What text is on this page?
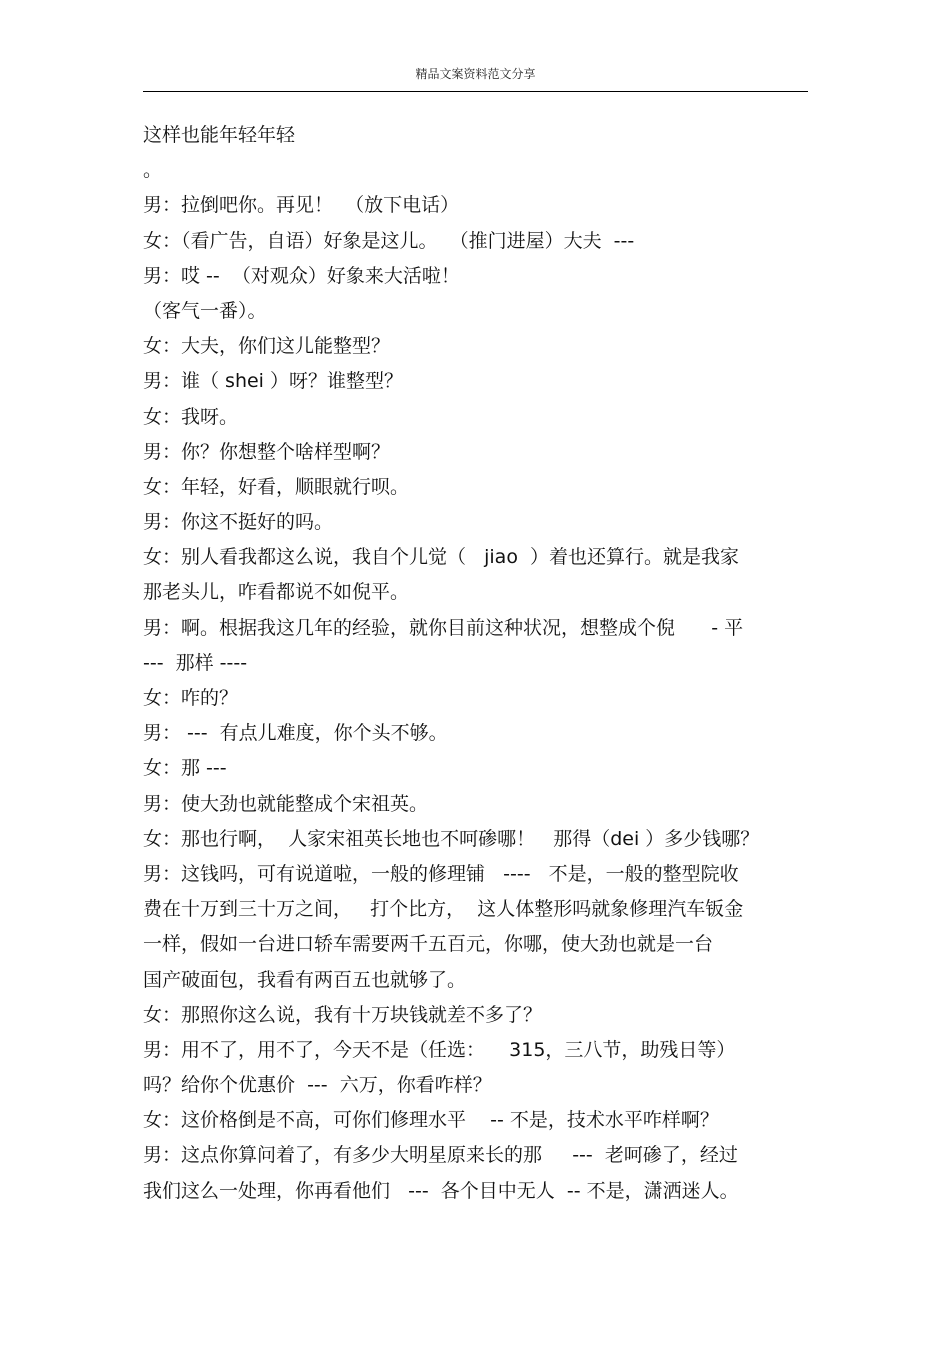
精品文案资料范文分享
这样也能年轻年轻
。
男：拉倒吧你。再见！  （放下电话）
女：（看广告，自语）好象是这儿。  （推门进屋）大夫  ---
男：哎 --  （对观众）好象来大活啦！
（客气一番）。
女：大夫，你们这儿能整型？
男：谁（ shei ）呀？谁整型？
女：我呀。
男：你？你想整个啥样型啊？
女：年轻，好看，顺眼就行呗。
男：你这不挺好的吗。
女：别人看我都这么说，我自个儿觉（   jiao  ）着也还算行。就是我家
那老头儿，咋看都说不如倪平。
男：啊。根据我这几年的经验，就你目前这种状况，想整成个倪      - 平
---  那样 ----
女：咋的？
男： ---  有点儿难度，你个头不够。
女：那 ---
男：使大劲也就能整成个宋祖英。
女：那也行啊，  人家宋祖英长地也不呵碜哪！   那得（dei ）多少钱哪？
男：这钱吗，可有说道啦，一般的修理铺   ----   不是，一般的整型院收
费在十万到三十万之间，   打个比方，  这人体整形吗就象修理汽车钣金
一样，假如一台进口轿车需要两千五百元，你哪，使大劲也就是一台
国产破面包，我看有两百五也就够了。
女：那照你这么说，我有十万块钱就差不多了？
男：用不了，用不了，今天不是（任选：    315，三八节，助残日等）
吗？给你个优惠价  ---  六万，你看咋样？
女：这价格倒是不高，可你们修理水平    -- 不是，技术水平咋样啊？
男：这点你算问着了，有多少大明星原来长的那     ---  老呵碜了，经过
我们这么一处理，你再看他们   ---  各个目中无人  -- 不是，潇洒迷人。
